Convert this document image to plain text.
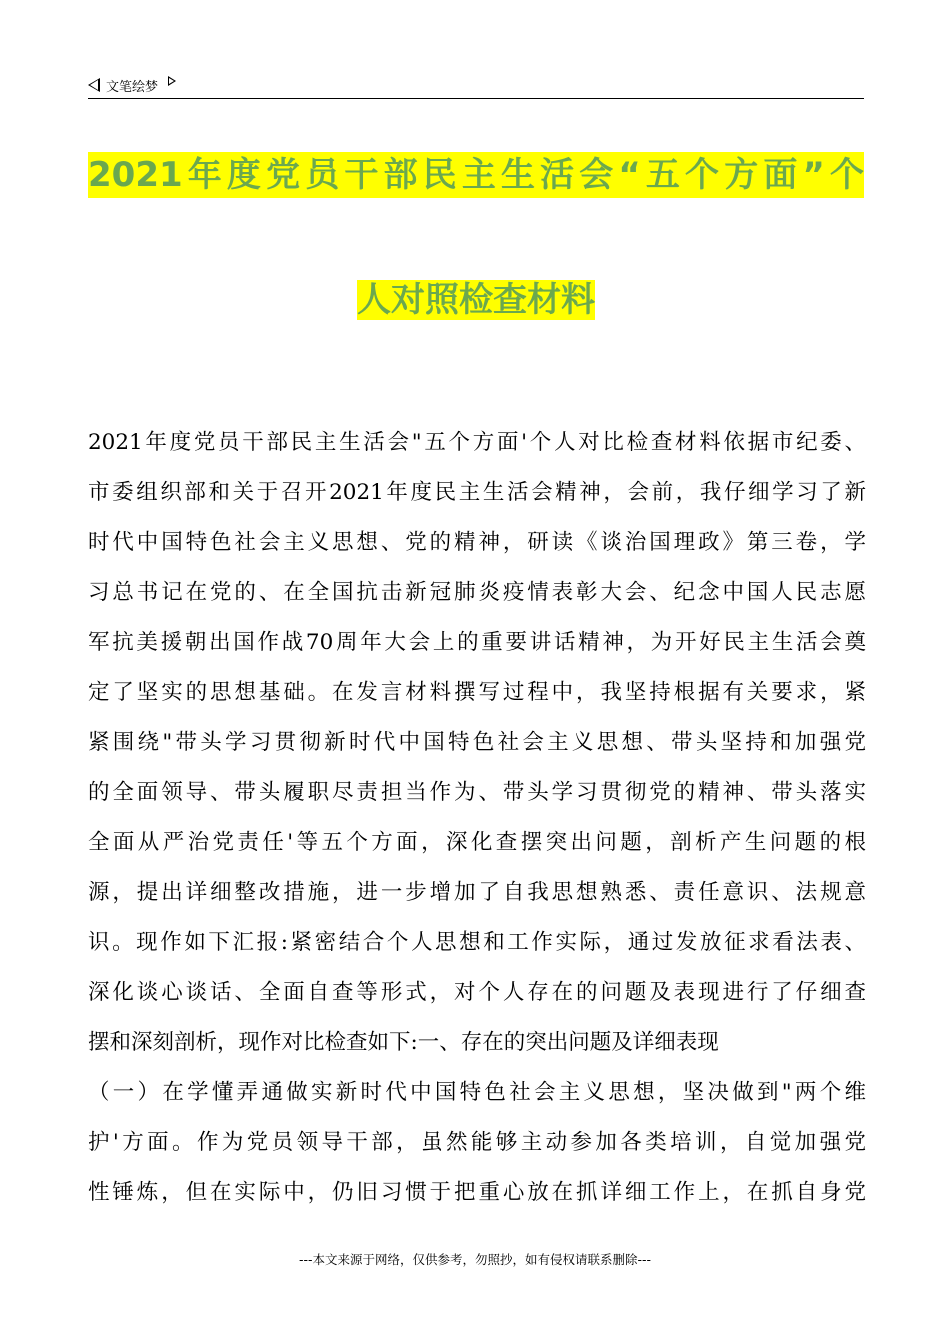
文笔绘梦
2021年度党员干部民主生活会“五个方面”个
人对照检查材料
2021年度党员干部民主生活会"五个方面'个人对比检查材料依据市纪委、
市委组织部和关于召开2021年度民主生活会精神，会前，我仔细学习了新
时代中国特色社会主义思想、党的精神，研读《谈治国理政》第三卷，学
习总书记在党的、在全国抗击新冠肺炎疫情表彰大会、纪念中国人民志愿
军抗美援朝出国作战70周年大会上的重要讲话精神，为开好民主生活会奠
定了坚实的思想基础。在发言材料撰写过程中，我坚持根据有关要求，紧
紧围绕"带头学习贯彻新时代中国特色社会主义思想、带头坚持和加强党
的全面领导、带头履职尽责担当作为、带头学习贯彻党的精神、带头落实
全面从严治党责任'等五个方面，深化查摆突出问题，剖析产生问题的根
源，提出详细整改措施，进一步增加了自我思想熟悉、责任意识、法规意
识。现作如下汇报:紧密结合个人思想和工作实际，通过发放征求看法表、
深化谈心谈话、全面自查等形式，对个人存在的问题及表现进行了仔细查
摆和深刻剖析，现作对比检查如下:一、存在的突出问题及详细表现
（一）在学懂弄通做实新时代中国特色社会主义思想，坚决做到"两个维
护'方面。作为党员领导干部，虽然能够主动参加各类培训，自觉加强党
性锤炼，但在实际中，仍旧习惯于把重心放在抓详细工作上，在抓自身党
---本文来源于网络，仅供参考，勿照抄，如有侵权请联系删除---
